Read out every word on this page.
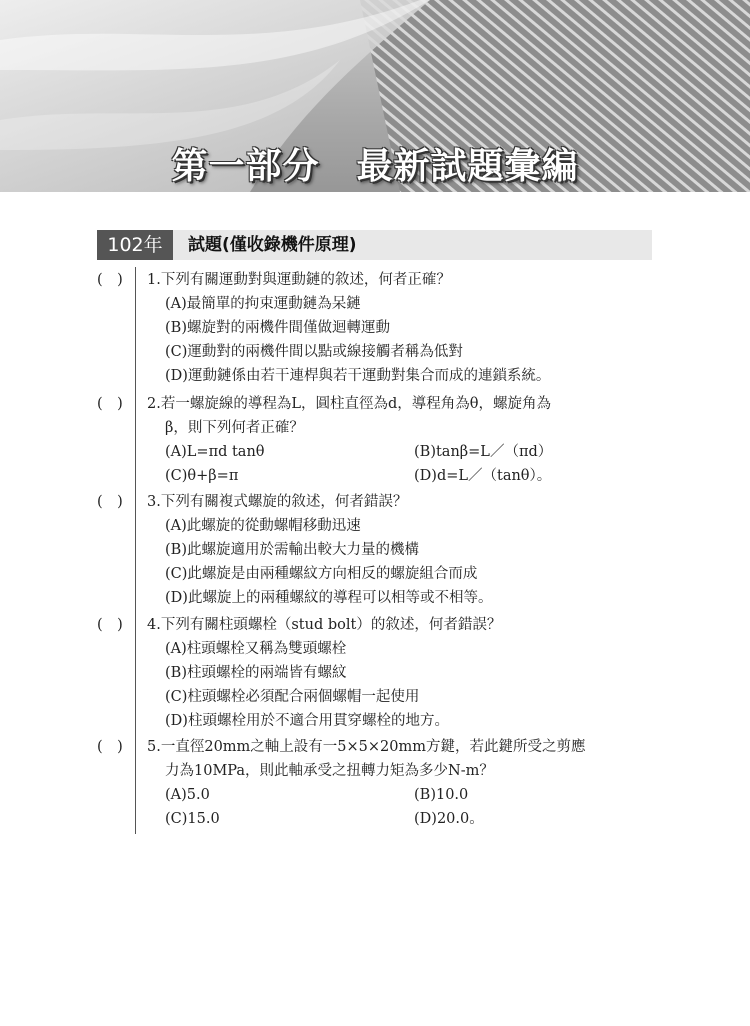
第一部分　最新試題彙編
102年	試題(僅收錄機件原理)
(　) 1.下列有關運動對與運動鏈的敘述，何者正確？
(A)最簡單的拘束運動鏈為呆鏈
(B)螺旋對的兩機件間僅做迴轉運動
(C)運動對的兩機件間以點或線接觸者稱為低對
(D)運動鏈係由若干連桿與若干運動對集合而成的連鎖系統。
(　) 2.若一螺旋線的導程為L，圓柱直徑為d，導程角為θ，螺旋角為
β，則下列何者正確？
(A)L=πd tanθ	(B)tanβ=L／（πd）
(C)θ+β=π	(D)d=L／（tanθ）。
(　) 3.下列有關複式螺旋的敘述，何者錯誤？
(A)此螺旋的從動螺帽移動迅速
(B)此螺旋適用於需輸出較大力量的機構
(C)此螺旋是由兩種螺紋方向相反的螺旋組合而成
(D)此螺旋上的兩種螺紋的導程可以相等或不相等。
(　) 4.下列有關柱頭螺栓（stud bolt）的敘述，何者錯誤？
(A)柱頭螺栓又稱為雙頭螺栓
(B)柱頭螺栓的兩端皆有螺紋
(C)柱頭螺栓必須配合兩個螺帽一起使用
(D)柱頭螺栓用於不適合用貫穿螺栓的地方。
(　) 5.一直徑20mm之軸上設有一5×5×20mm方鍵，若此鍵所受之剪應
力為10MPa，則此軸承受之扭轉力矩為多少N-m？
(A)5.0	(B)10.0
(C)15.0	(D)20.0。
